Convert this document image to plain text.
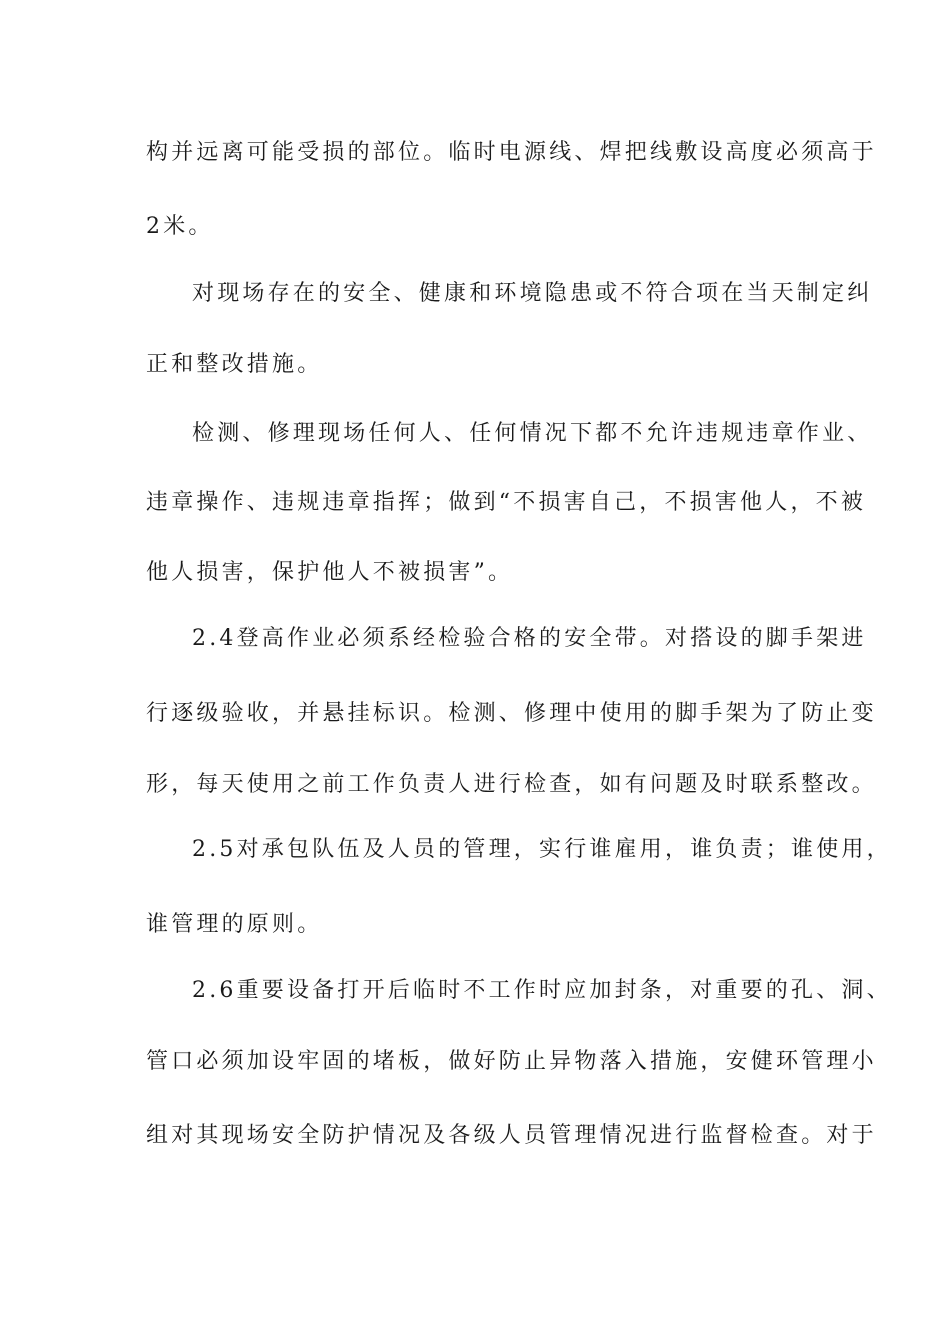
构并远离可能受损的部位。临时电源线、焊把线敷设高度必须高于
2米。
对现场存在的安全、健康和环境隐患或不符合项在当天制定纠
正和整改措施。
检测、修理现场任何人、任何情况下都不允许违规违章作业、
违章操作、违规违章指挥；做到“不损害自己，不损害他人，不被
他人损害，保护他人不被损害”。
2.4登高作业必须系经检验合格的安全带。对搭设的脚手架进
行逐级验收，并悬挂标识。检测、修理中使用的脚手架为了防止变
形，每天使用之前工作负责人进行检查，如有问题及时联系整改。
2.5对承包队伍及人员的管理，实行谁雇用，谁负责；谁使用，
谁管理的原则。
2.6重要设备打开后临时不工作时应加封条，对重要的孔、洞、
管口必须加设牢固的堵板，做好防止异物落入措施，安健环管理小
组对其现场安全防护情况及各级人员管理情况进行监督检查。对于
